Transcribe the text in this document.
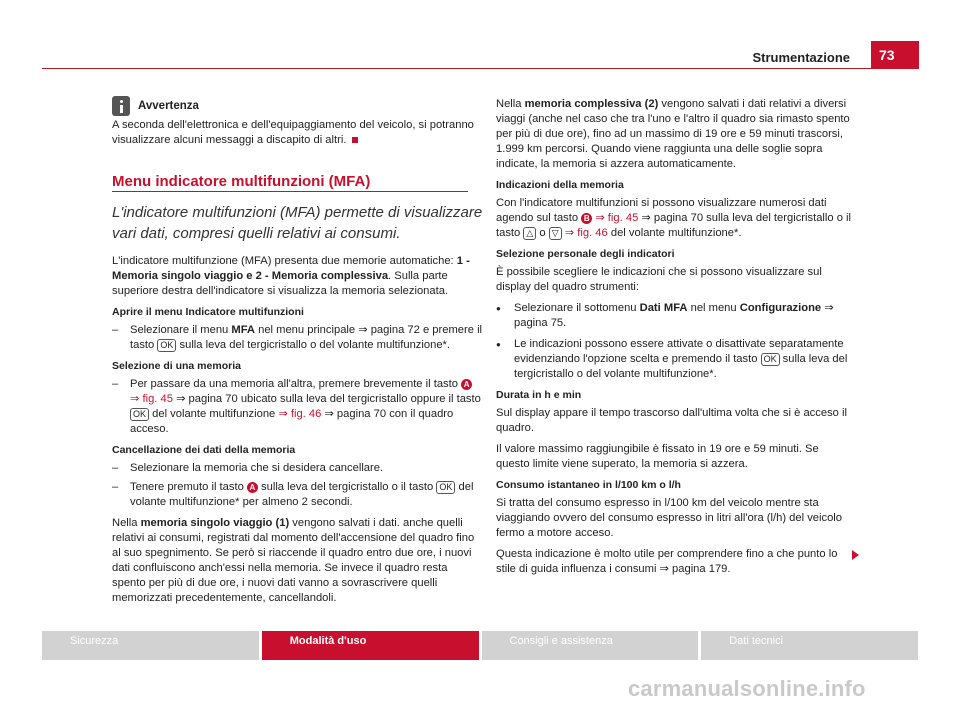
Strumentazione	73
Avvertenza

A seconda dell'elettronica e dell'equipaggiamento del veicolo, si potranno visualizzare alcuni messaggi a discapito di altri.

Menu indicatore multifunzioni (MFA)
L'indicatore multifunzioni (MFA) permette di visualizzare vari dati, compresi quelli relativi ai consumi.

L'indicatore multifunzione (MFA) presenta due memorie automatiche: 1 - Memoria singolo viaggio e 2 - Memoria complessiva. Sulla parte superiore destra dell'indicatore si visualizza la memoria selezionata.

Aprire il menu Indicatore multifunzioni
– Selezionare il menu MFA nel menu principale ⇒ pagina 72 e premere il tasto OK sulla leva del tergicristallo o del volante multifunzione*.
Selezione di una memoria
– Per passare da una memoria all'altra, premere brevemente il tasto A ⇒ fig. 45 ⇒ pagina 70 ubicato sulla leva del tergicristallo oppure il tasto OK del volante multifunzione ⇒ fig. 46 ⇒ pagina 70 con il quadro acceso.
Cancellazione dei dati della memoria
– Selezionare la memoria che si desidera cancellare.
– Tenere premuto il tasto A sulla leva del tergicristallo o il tasto OK del volante multifunzione* per almeno 2 secondi.

Nella memoria singolo viaggio (1) vengono salvati i dati. anche quelli relativi ai consumi, registrati dal momento dell'accensione del quadro fino al suo spegnimento. Se però si riaccende il quadro entro due ore, i nuovi dati confluiscono anch'essi nella memoria. Se invece il quadro resta spento per più di due ore, i nuovi dati vanno a sovrascrivere quelli memorizzati precedentemente, cancellandoli.

Nella memoria complessiva (2) vengono salvati i dati relativi a diversi viaggi (anche nel caso che tra l'uno e l'altro il quadro sia rimasto spento per più di due ore), fino ad un massimo di 19 ore e 59 minuti trascorsi, 1.999 km percorsi. Quando viene raggiunta una delle soglie sopra indicate, la memoria si azzera automaticamente.

Indicazioni della memoria

Con l'indicatore multifunzioni si possono visualizzare numerosi dati agendo sul tasto B ⇒ fig. 45 ⇒ pagina 70 sulla leva del tergicristallo o il tasto △ o ▽ ⇒ fig. 46 del volante multifunzione*.

Selezione personale degli indicatori

È possibile scegliere le indicazioni che si possono visualizzare sul display del quadro strumenti:

● Selezionare il sottomenu Dati MFA nel menu Configurazione ⇒ pagina 75.
● Le indicazioni possono essere attivate o disattivate separatamente evidenziando l'opzione scelta e premendo il tasto OK sulla leva del tergicristallo o del volante multifunzione*.
Durata in h e min

Sul display appare il tempo trascorso dall'ultima volta che si è acceso il quadro.

Il valore massimo raggiungibile è fissato in 19 ore e 59 minuti. Se questo limite viene superato, la memoria si azzera.

Consumo istantaneo in l/100 km o l/h

Si tratta del consumo espresso in l/100 km del veicolo mentre sta viaggiando ovvero del consumo espresso in litri all'ora (l/h) del veicolo fermo a motore acceso.

Questa indicazione è molto utile per comprendere fino a che punto lo stile di guida influenza i consumi ⇒ pagina 179.

Sicurezza	Modalità d'uso	Consigli e assistenza	Dati tecnici
carmanualsonline.info
